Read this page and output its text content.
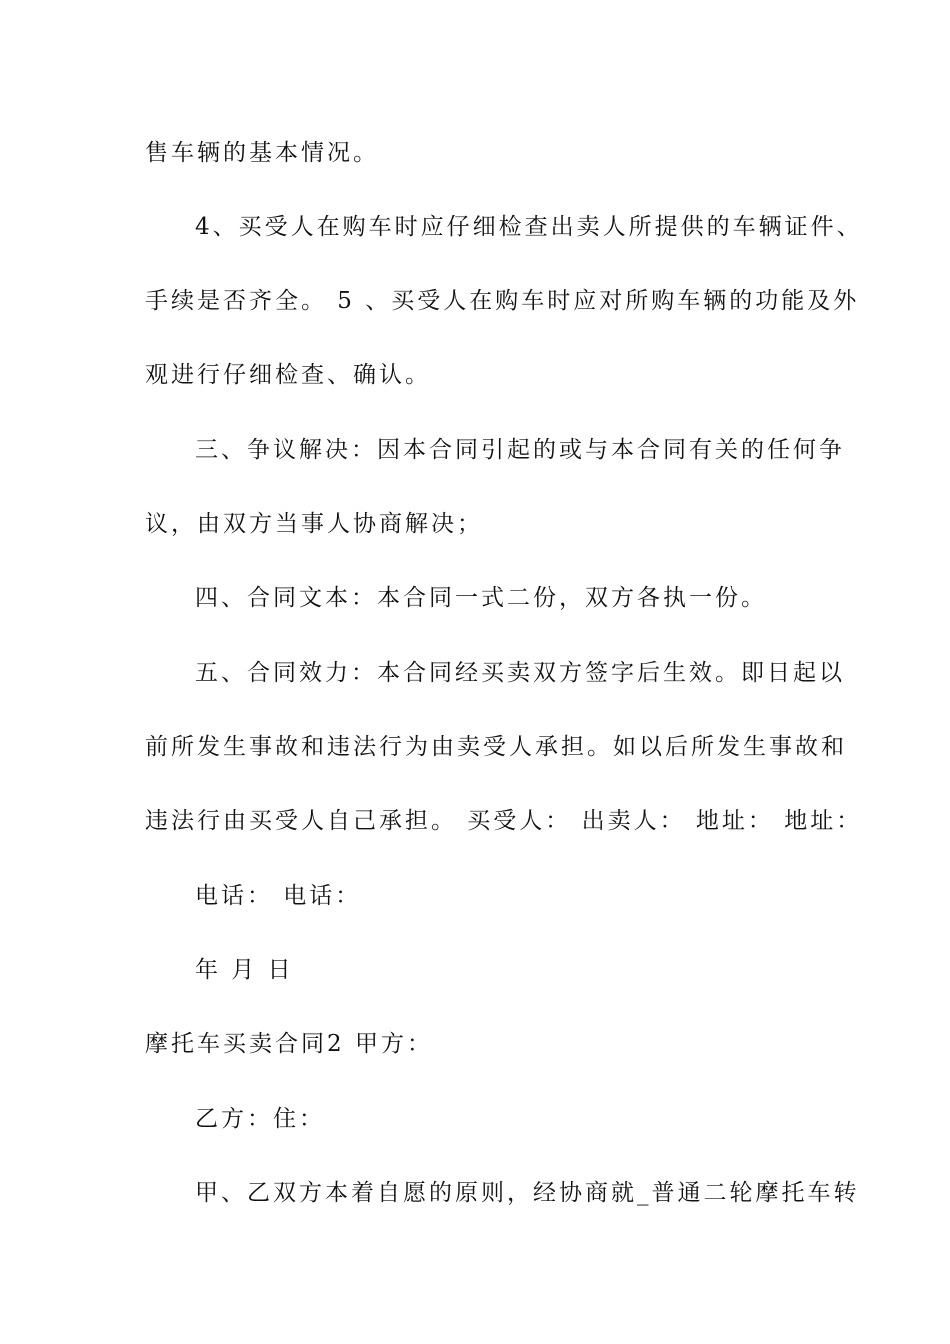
售车辆的基本情况。
4、买受人在购车时应仔细检查出卖人所提供的车辆证件、
手续是否齐全。 5 、买受人在购车时应对所购车辆的功能及外
观进行仔细检查、确认。
三、争议解决：因本合同引起的或与本合同有关的任何争
议，由双方当事人协商解决；
四、合同文本：本合同一式二份，双方各执一份。
五、合同效力：本合同经买卖双方签字后生效。即日起以
前所发生事故和违法行为由卖受人承担。如以后所发生事故和
违法行由买受人自己承担。 买受人： 出卖人： 地址： 地址：
电话： 电话：
年 月 日
摩托车买卖合同2 甲方：
乙方：住：
甲、乙双方本着自愿的原则，经协商就_普通二轮摩托车转
